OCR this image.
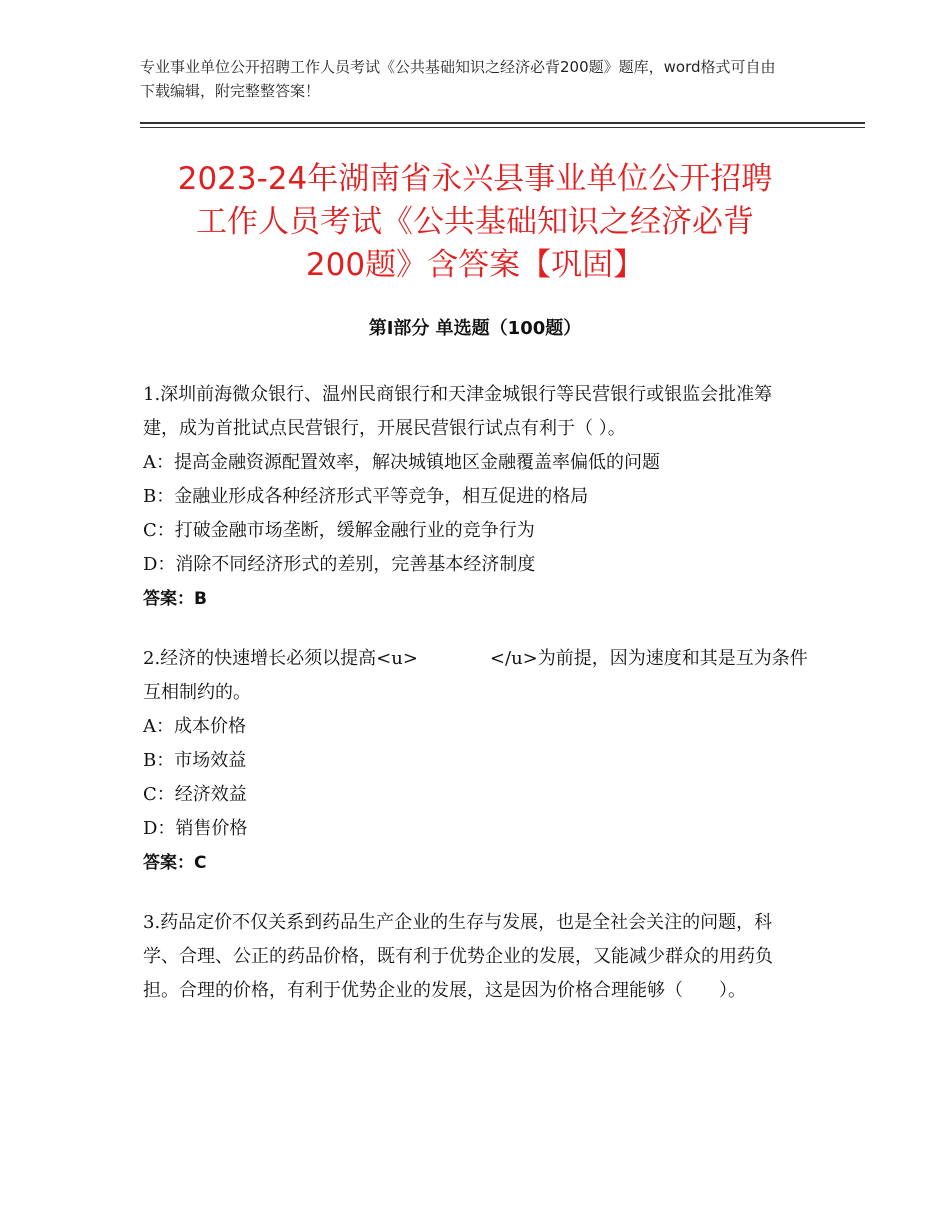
专业事业单位公开招聘工作人员考试《公共基础知识之经济必背200题》题库，word格式可自由下载编辑，附完整整答案！
2023-24年湖南省永兴县事业单位公开招聘
工作人员考试《公共基础知识之经济必背
200题》含答案【巩固】
第Ⅰ部分 单选题（100题）

1.深圳前海微众银行、温州民商银行和天津金城银行等民营银行或银监会批准筹建，成为首批试点民营银行，开展民营银行试点有利于（ ）。

A：提高金融资源配置效率，解决城镇地区金融覆盖率偏低的问题

B：金融业形成各种经济形式平等竞争，相互促进的格局

C：打破金融市场垄断，缓解金融行业的竞争行为

D：消除不同经济形式的差别，完善基本经济制度

答案：B

2.经济的快速增长必须以提高<u>　　　　</u>为前提，因为速度和其是互为条件互相制约的。

A：成本价格

B：市场效益

C：经济效益

D：销售价格

答案：C

3.药品定价不仅关系到药品生产企业的生存与发展，也是全社会关注的问题，科学、合理、公正的药品价格，既有利于优势企业的发展，又能减少群众的用药负担。合理的价格，有利于优势企业的发展，这是因为价格合理能够（　　）。
